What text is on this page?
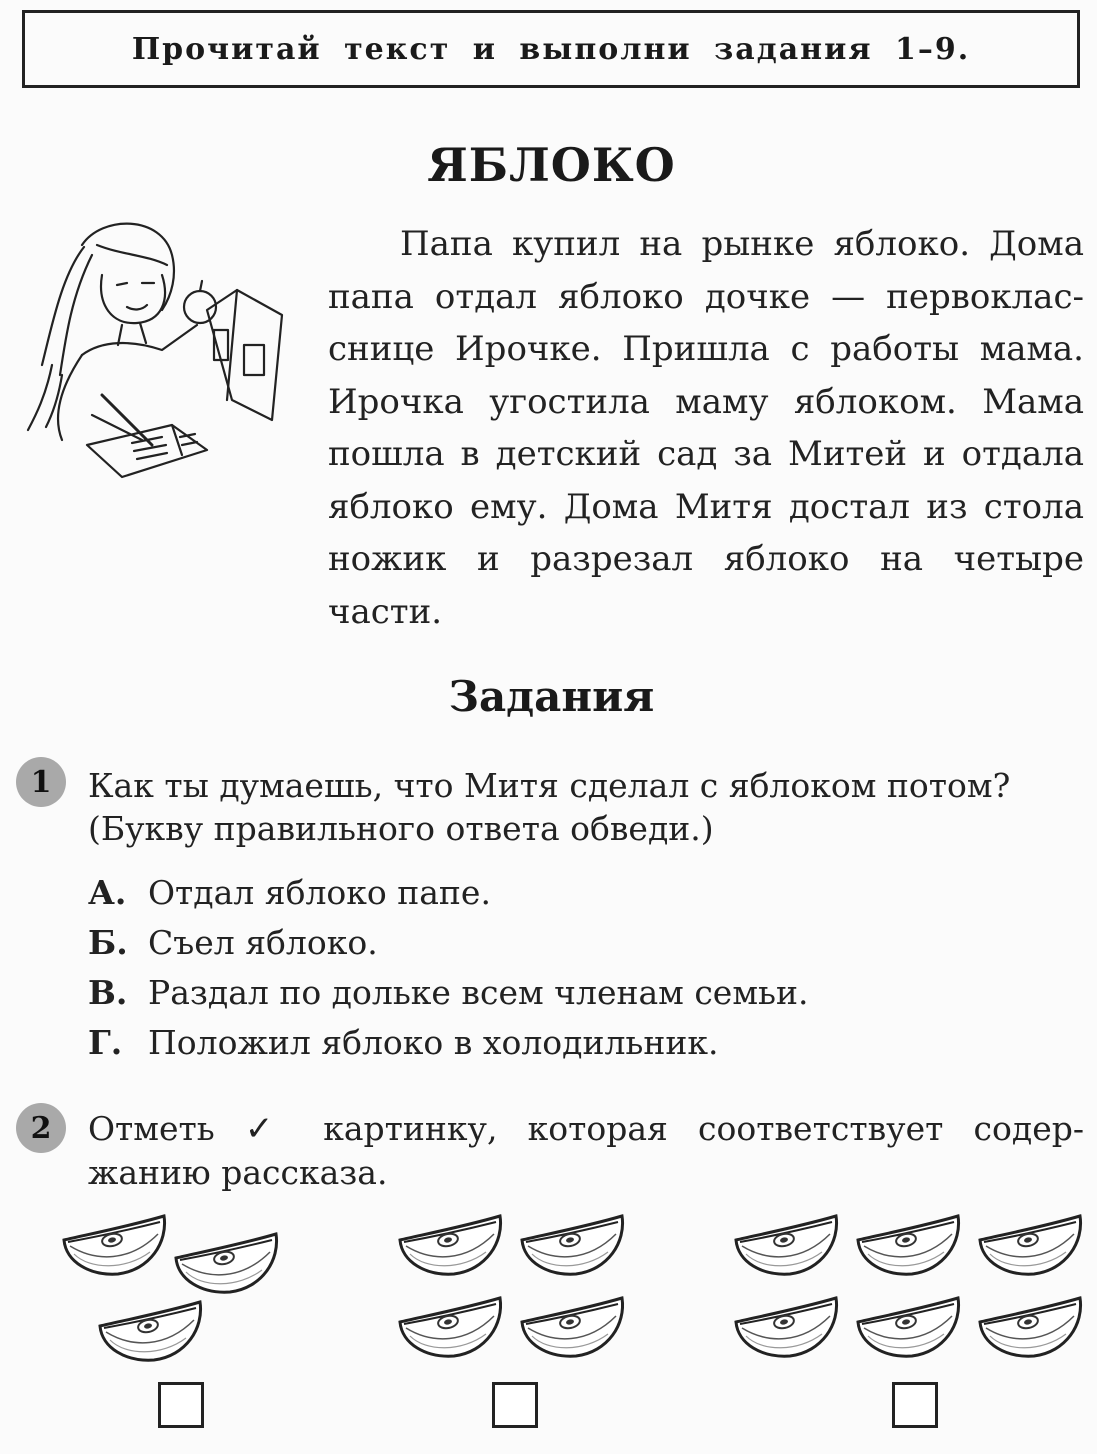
Прочитай текст и выполни задания 1–9.
ЯБЛОКО
Папа купил на рынке яблоко. Дома
папа отдал яблоко дочке — первоклас-
снице Ирочке. Пришла с работы мама.
Ирочка угостила маму яблоком. Мама
пошла в детский сад за Митей и отдала
яблоко ему. Дома Митя достал из стола
ножик и разрезал яблоко на четыре
части.
Задания
1	Как ты думаешь, что Митя сделал с яблоком потом?
(Букву правильного ответа обведи.)
А. Отдал яблоко папе.
Б. Съел яблоко.
В. Раздал по дольке всем членам семьи.
Г. Положил яблоко в холодильник.
2	Отметь ✓ картинку, которая соответствует содер-
жанию рассказа.
